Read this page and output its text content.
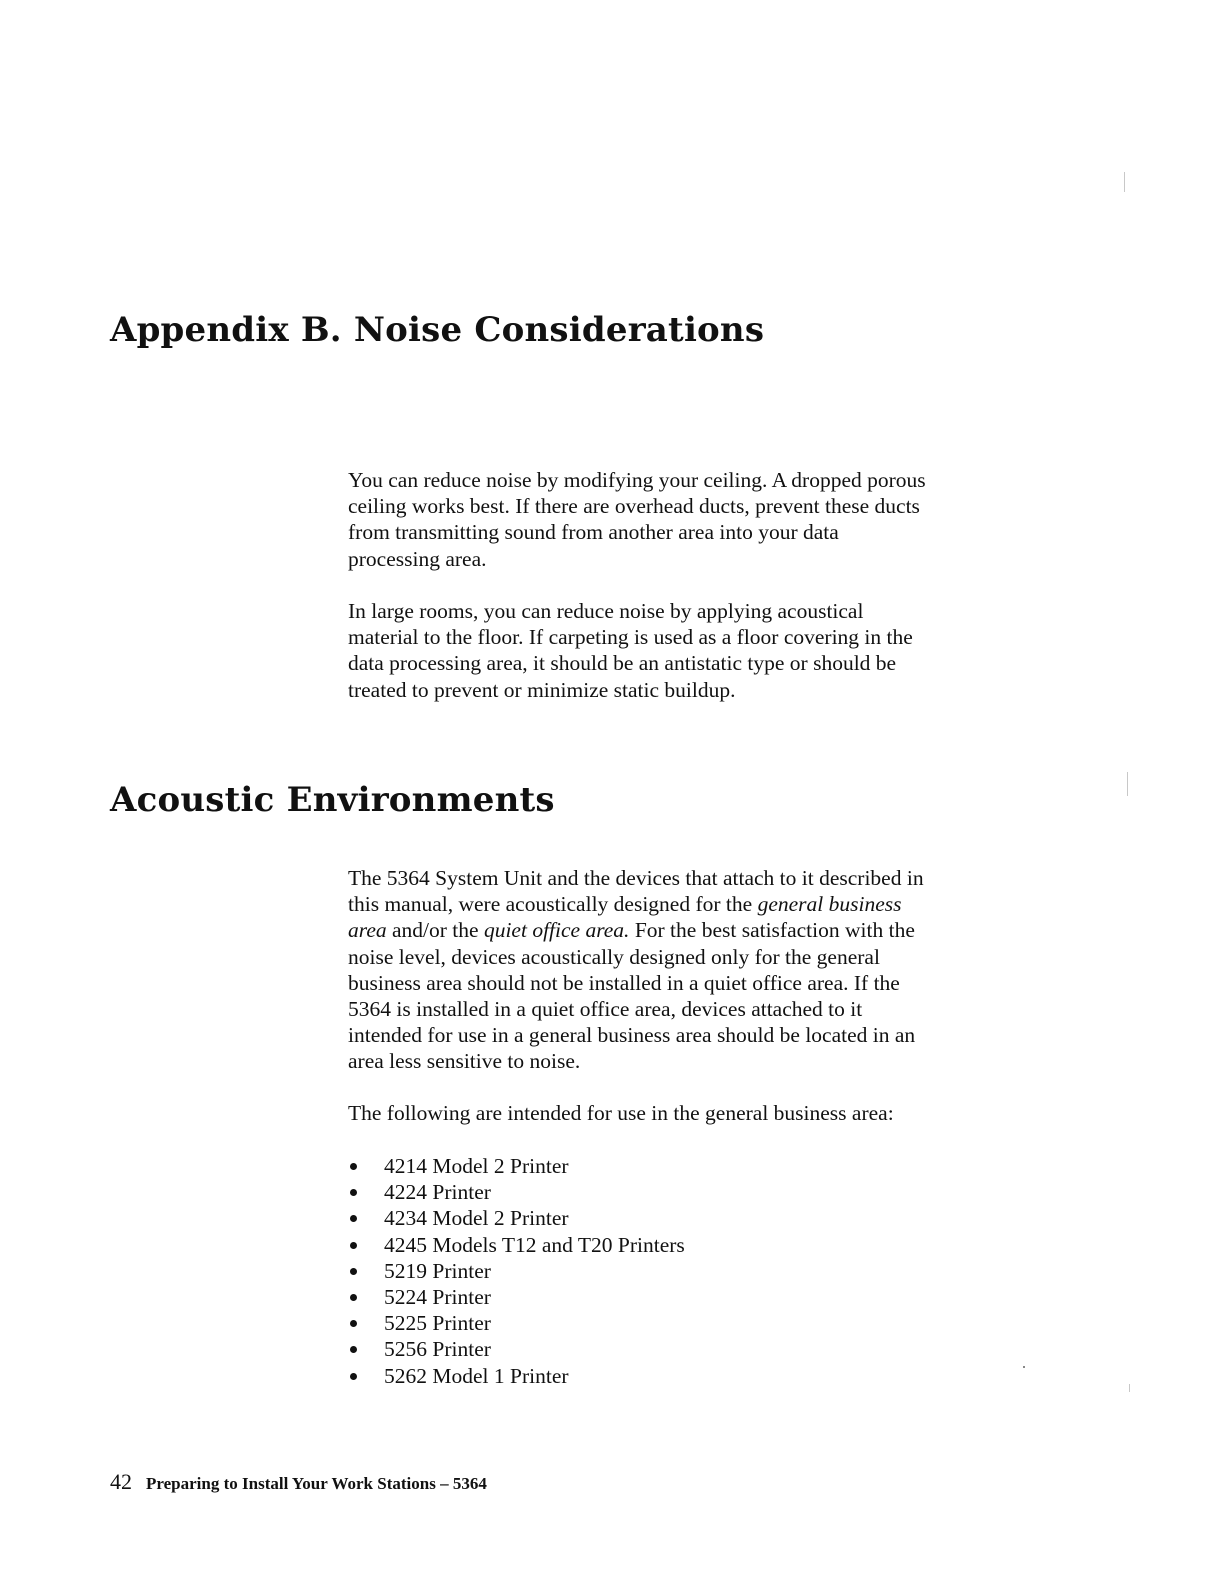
Appendix B. Noise Considerations

You can reduce noise by modifying your ceiling. A dropped porous

ceiling works best. If there are overhead ducts, prevent these ducts

from transmitting sound from another area into your data

processing area.

In large rooms, you can reduce noise by applying acoustical

material to the floor. If carpeting is used as a floor covering in the

data processing area, it should be an antistatic type or should be

treated to prevent or minimize static buildup.

Acoustic Environments

The 5364 System Unit and the devices that attach to it described in

this manual, were acoustically designed for the general business

area and/or the quiet office area. For the best satisfaction with the

noise level, devices acoustically designed only for the general

business area should not be installed in a quiet office area. If the

5364 is installed in a quiet office area, devices attached to it

intended for use in a general business area should be located in an

area less sensitive to noise.

The following are intended for use in the general business area:

4214 Model 2 Printer
4224 Printer
4234 Model 2 Printer
4245 Models T12 and T20 Printers
5219 Printer
5224 Printer
5225 Printer
5256 Printer
5262 Model 1 Printer
42 Preparing to Install Your Work Stations – 5364
